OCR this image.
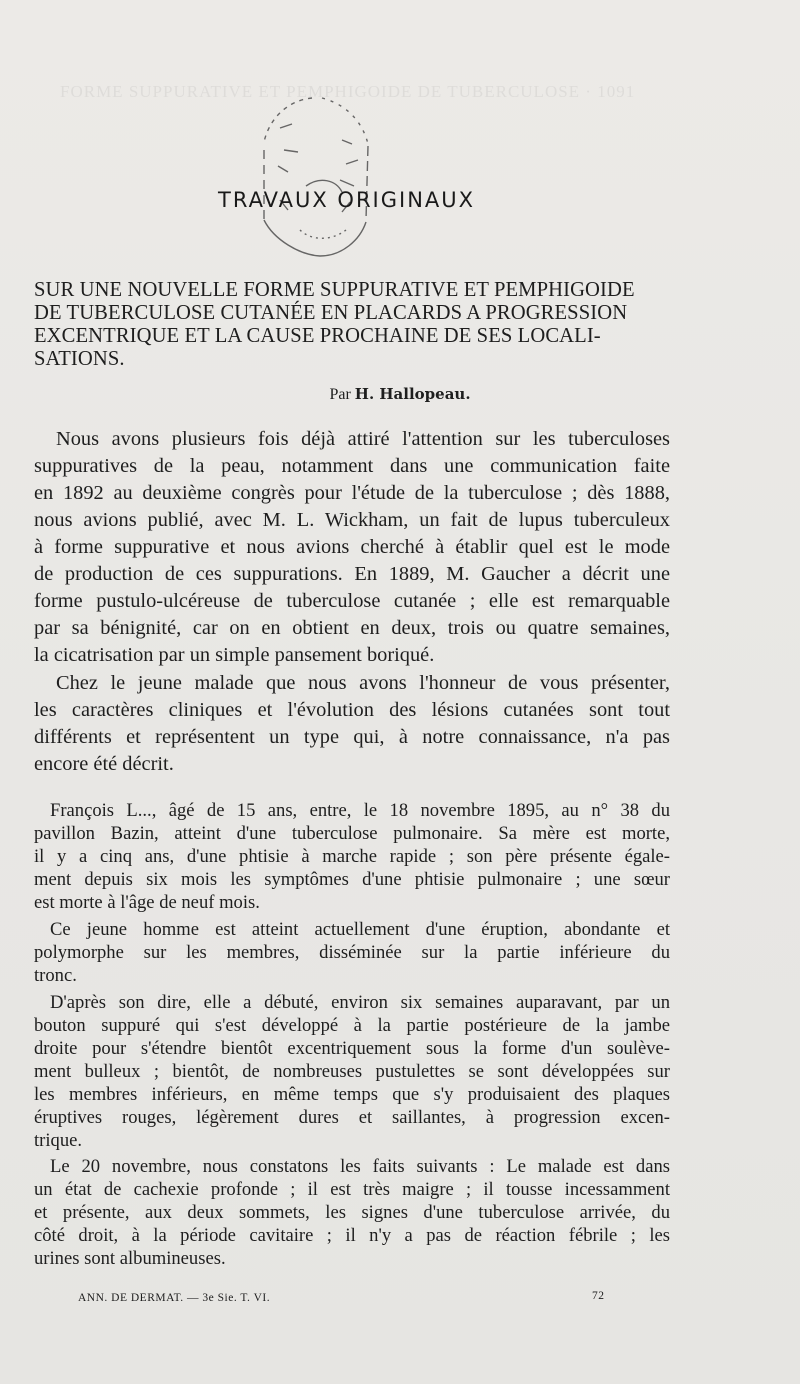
FORME SUPPURATIVE ET PEMPHIGOIDE DE TUBERCULOSE · 1091
TRAVAUX ORIGINAUX
SUR UNE NOUVELLE FORME SUPPURATIVE ET PEMPHIGOIDE
DE TUBERCULOSE CUTANÉE EN PLACARDS A PROGRESSION
EXCENTRIQUE ET LA CAUSE PROCHAINE DE SES LOCALI-
SATIONS.

Par H. Hallopeau.

Nous avons plusieurs fois déjà attiré l'attention sur les tuberculoses
suppuratives de la peau, notamment dans une communication faite
en 1892 au deuxième congrès pour l'étude de la tuberculose ; dès 1888,
nous avions publié, avec M. L. Wickham, un fait de lupus tuberculeux
à forme suppurative et nous avions cherché à établir quel est le mode
de production de ces suppurations. En 1889, M. Gaucher a décrit une
forme pustulo-ulcéreuse de tuberculose cutanée ; elle est remarquable
par sa bénignité, car on en obtient en deux, trois ou quatre semaines,
la cicatrisation par un simple pansement boriqué.
Chez le jeune malade que nous avons l'honneur de vous présenter,
les caractères cliniques et l'évolution des lésions cutanées sont tout
différents et représentent un type qui, à notre connaissance, n'a pas
encore été décrit.
François L..., âgé de 15 ans, entre, le 18 novembre 1895, au n° 38 du
pavillon Bazin, atteint d'une tuberculose pulmonaire. Sa mère est morte,
il y a cinq ans, d'une phtisie à marche rapide ; son père présente égale-
ment depuis six mois les symptômes d'une phtisie pulmonaire ; une sœur
est morte à l'âge de neuf mois.
Ce jeune homme est atteint actuellement d'une éruption, abondante et
polymorphe sur les membres, disséminée sur la partie inférieure du
tronc.
D'après son dire, elle a débuté, environ six semaines auparavant, par un
bouton suppuré qui s'est développé à la partie postérieure de la jambe
droite pour s'étendre bientôt excentriquement sous la forme d'un soulève-
ment bulleux ; bientôt, de nombreuses pustulettes se sont développées sur
les membres inférieurs, en même temps que s'y produisaient des plaques
éruptives rouges, légèrement dures et saillantes, à progression excen-
trique.
Le 20 novembre, nous constatons les faits suivants : Le malade est dans
un état de cachexie profonde ; il est très maigre ; il tousse incessamment
et présente, aux deux sommets, les signes d'une tuberculose arrivée, du
côté droit, à la période cavitaire ; il n'y a pas de réaction fébrile ; les
urines sont albumineuses.
ANN. DE DERMAT. — 3e Sie. T. VI.	72
